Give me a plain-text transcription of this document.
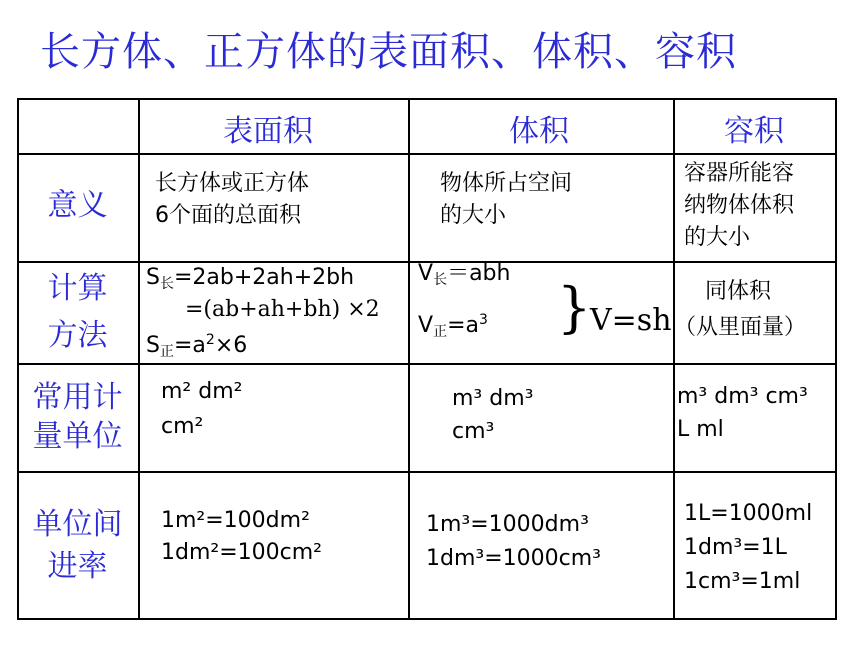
长方体、正方体的表面积、体积、容积
表面积	体积	容积
意义
长方体或正方体
6个面的总面积
物体所占空间
的大小
容器所能容
纳物体体积
的大小
计算
方法
$S_长=2ab+2ah+2bh$
=(ab+ah+bh) ×2
$S_正=a^2\times 6$
$V_长=abh$
$V_正=a^3$ }
V=sh
同体积
（从里面量）
常用计
量单位
m² dm²
cm²
m³ dm³
cm³
m³ dm³ cm³
L ml
单位间
进率
1m²=100dm²
1dm²=100cm²
1m³=1000dm³
1dm³=1000cm³
1L=1000ml
1dm³=1L
1cm³=1ml
